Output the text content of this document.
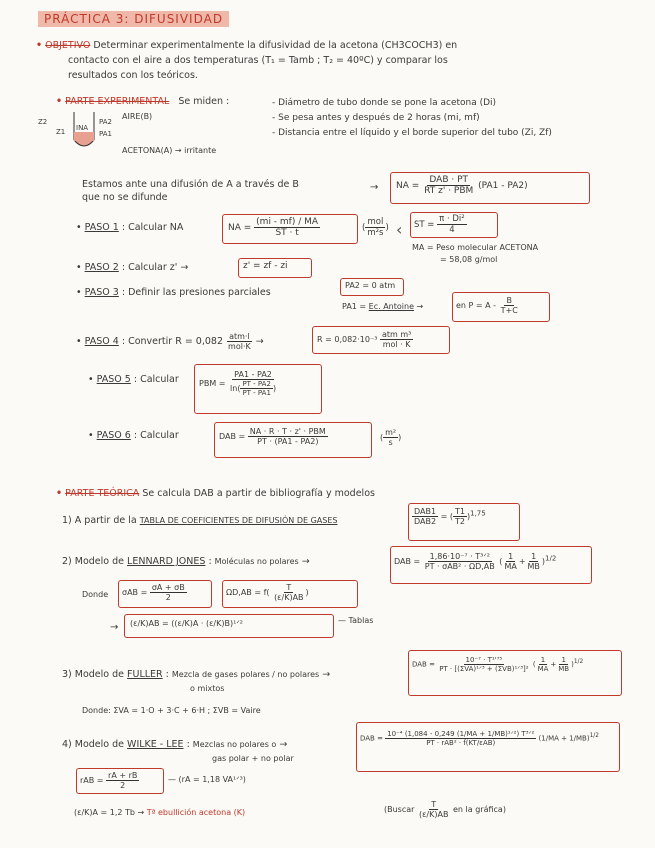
PRÁCTICA 3: DIFUSIVIDAD
• OBJETIVO Determinar experimentalmente la difusividad de la acetona (CH3COCH3) en
contacto con el aire a dos temperaturas (T₁ = Tamb ; T₂ = 40ºC) y comparar los
resultados con los teóricos.
• PARTE EXPERIMENTAL Se miden :	- Diámetro de tubo donde se pone la acetona (Di)
- Se pesa antes y después de 2 horas (mi, mf)
- Distancia entre el líquido y el borde superior del tubo (Zi, Zf)
Z2
Z1 INA
PA2
PA1
AIRE(B)
ACETONA(A) → irritante
Estamos ante una difusión de A a través de B
que no se difunde
→ NA =
DAB · PT
RT z' · PBM (PA1 - PA2)
• PASO 1 : Calcular NA	NA = $\frac{(mi - mf) / MA}{ST \cdot t}$	(
mol
m²s ) ‹ ST = $\frac{\text{π · Di²}}{4}$
MA = Peso molecular ACETONA
= 58,08 g/mol
• PASO 2 : Calcular z' →	z' = zf - zi
• PASO 3 : Definir las presiones parciales
PA2 = 0 atm
PA1 = Ec. Antoine →	en $P = A - \frac{B}{T+C}$
• PASO 4 : Convertir R = 0,082 atm·l
mol·K →	R = 0,082·10⁻³
atm m³
mol · K
• PASO 5 : Calcular	PBM = $\frac{PA1 - PA2}{\ln( \frac{PT - PA2}{PT - PA1} )}$
• PASO 6 : Calcular	DAB =
NA · R · T · z' · PBM
PT · (PA1 - PA2)	( $\frac{\text{m²}}{s}$ )
• PARTE TEÓRICA Se calcula DAB a partir de bibliografía y modelos
1) A partir de la TABLA DE COEFICIENTES DE DIFUSIÓN DE GASES
DAB1
DAB2
= ( $\frac{T1}{T2} )^{1,75}$
2) Modelo de LENNARD JONES : Moléculas no polares →	DAB =
1,86·10⁻⁷ · T³ᐟ²
PT · σAB² · ΩD,AB
( $\frac{1}{MA} + \frac{1}{MB} )^{1/2}$
Donde $\sigma AB = \frac{\sigma A + \sigma B}{2}$	$\Omega D,AB = f( \frac{T}{(\varepsilon/K)AB}$ )
→ (ε/K)AB = ((ε/K)A · (ε/K)B)¹ᐟ²	— Tablas
3) Modelo de FULLER : Mezcla de gases polares / no polares →
o mixtos
DAB =
10⁻⁷ · T¹'⁷⁵
PT · [(ΣVA)¹ᐟ³ + (ΣVB)¹ᐟ³]²
( $\frac{1}{MA} + \frac{1}{MB} )^{1/2}$
Donde: ΣVA = 1·O + 3·C + 6·H ; ΣVB = Vaire
4) Modelo de WILKE - LEE : Mezclas no polares o →
gas polar + no polar
DAB =
10⁻⁴ (1,084 - 0,249 (1/MA + 1/MB)¹ᐟ²) T³ᐟ²
PT · rAB² · f(KT/εAB)
$(1/MA + 1/MB)^{1/2}$
rAB = $\frac{rA + rB}{2}$	— (rA = 1,18 VA¹ᐟ³)
(ε/K)A = 1,2 Tb → Tª ebullición acetona (K)	(Buscar $\frac{T}{(\varepsilon/K)AB}$ en la gráfica)
